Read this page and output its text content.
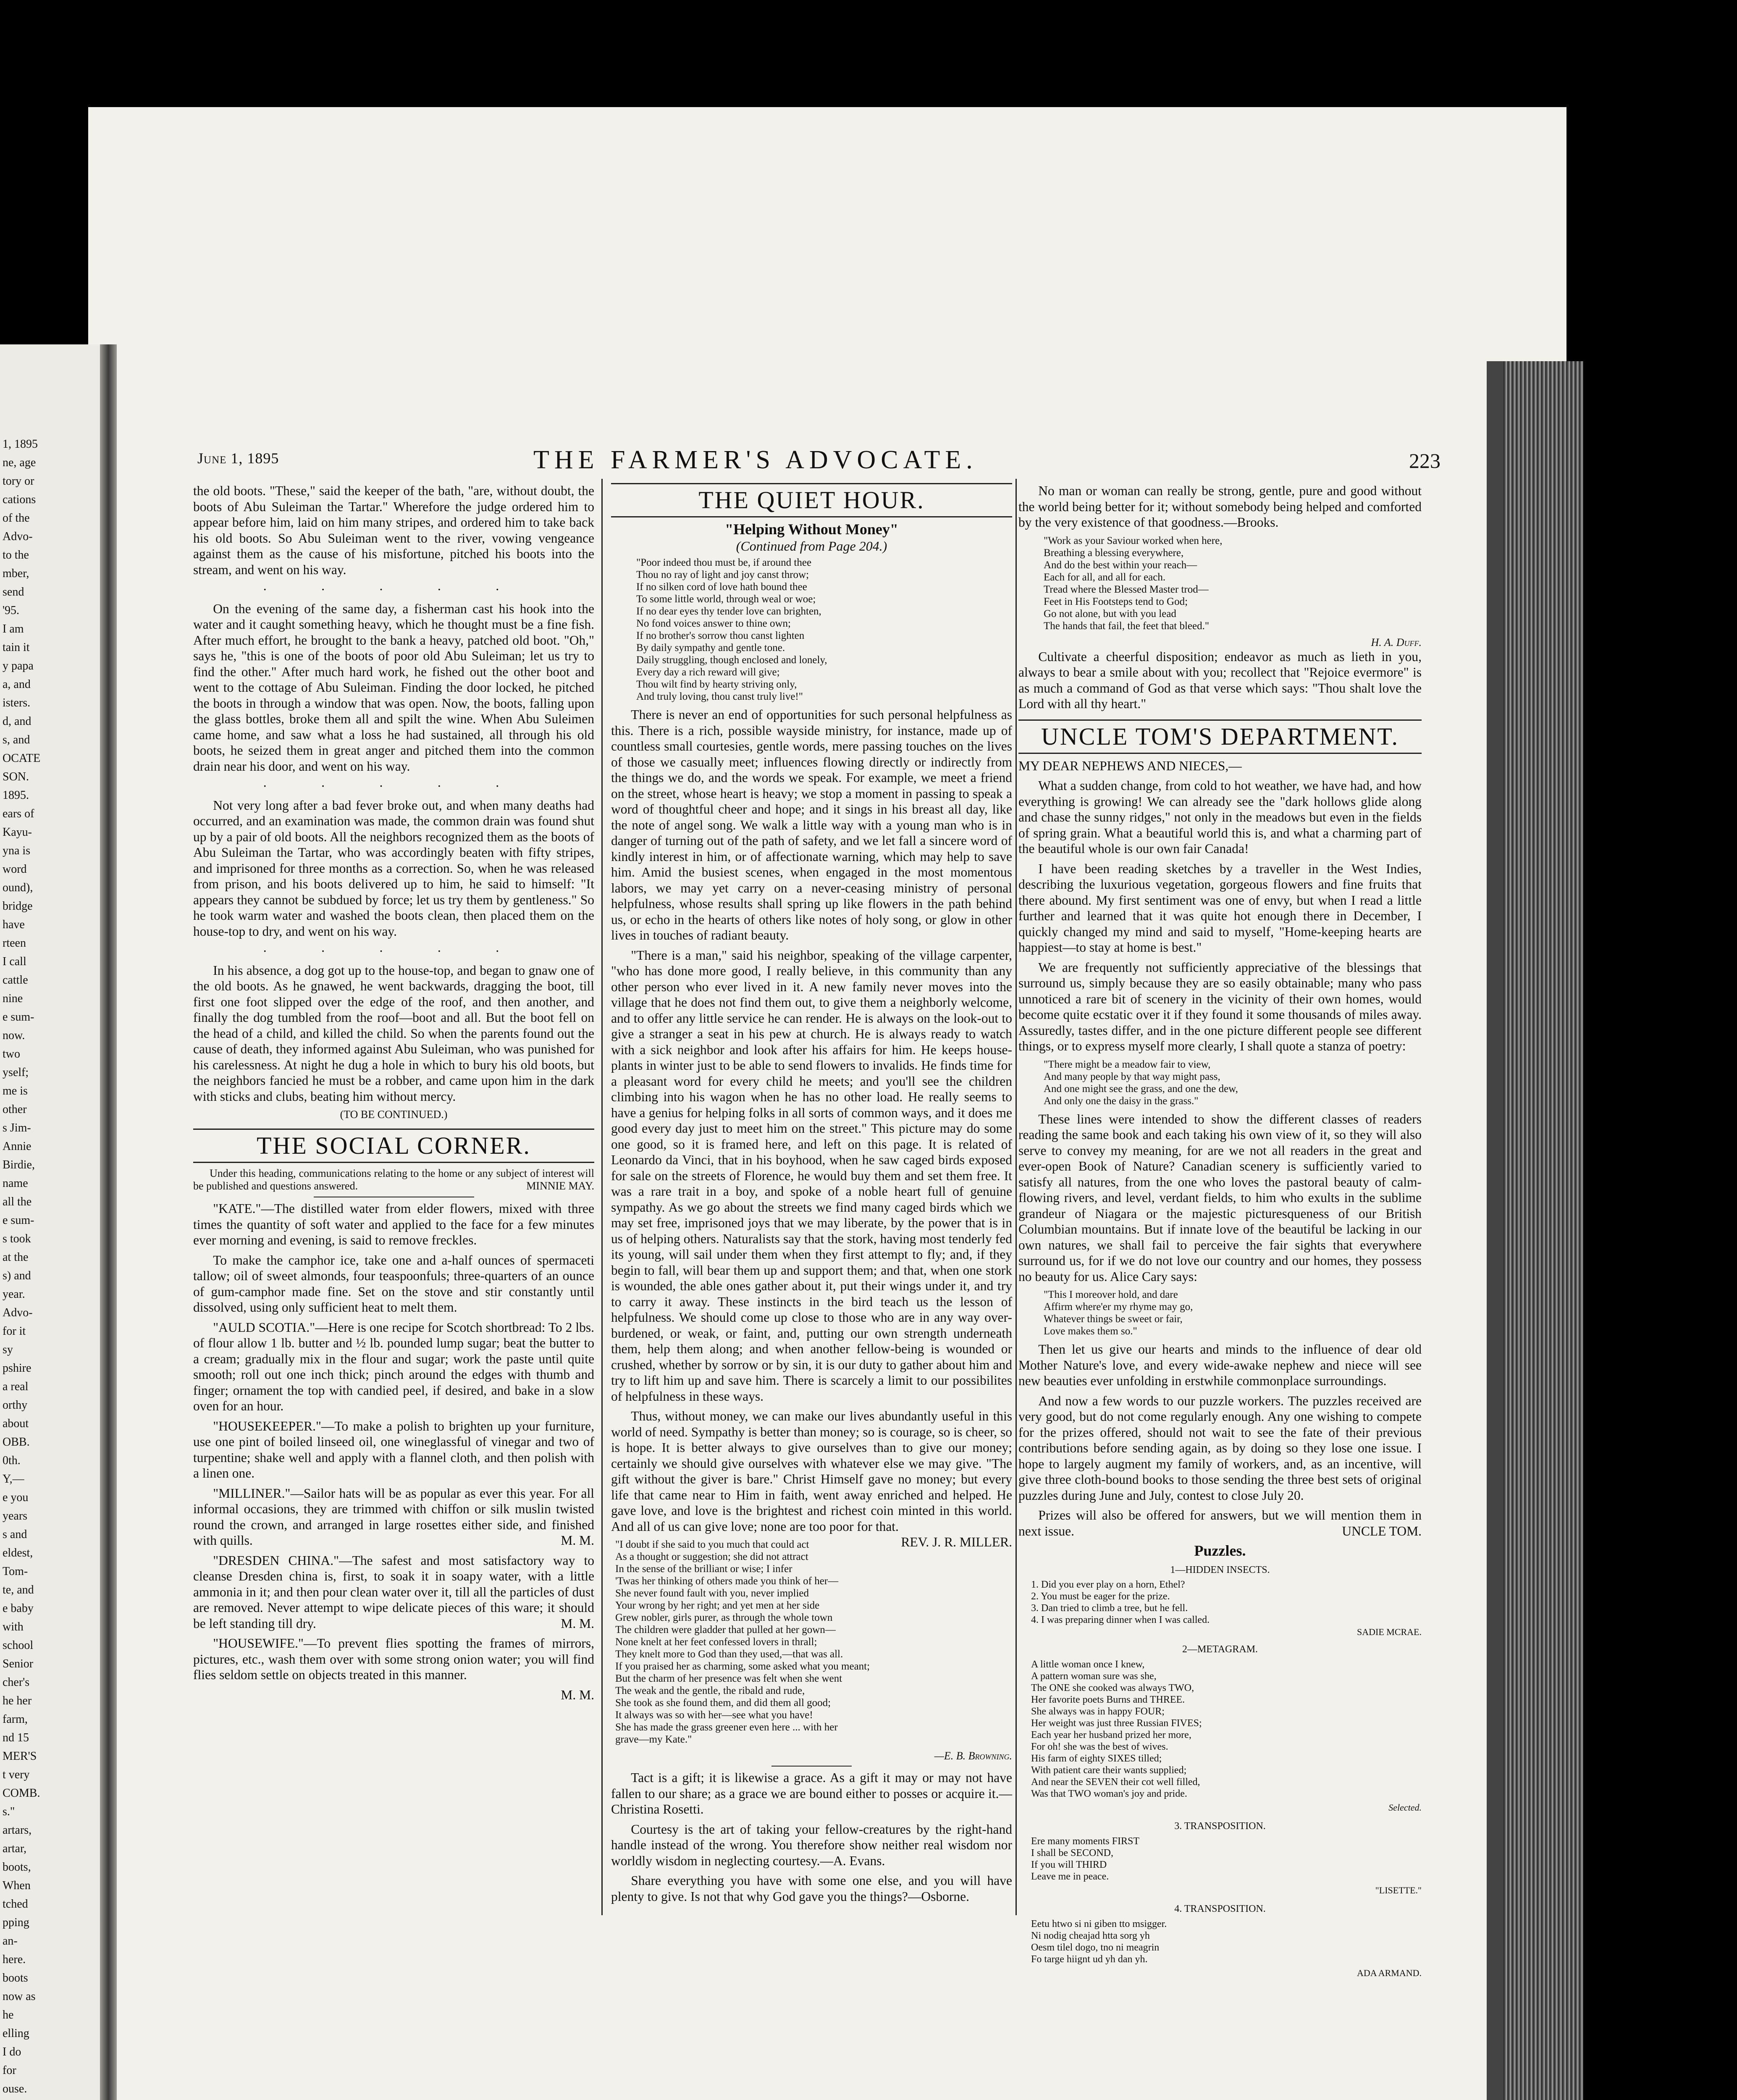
1, 1895
ne, age
tory or
cations
of the
Advo-
to the
mber,
send
'95.
I am
tain it
y papa
a, and
isters.
d, and
s, and
OCATE
SON.
1895.
ears of
Kayu-
yna is
word
ound),
bridge
have
rteen
I call
cattle
nine
e sum-
now.
two
yself;
me is
other
s Jim-
Annie
Birdie,
name
all the
e sum-
s took
at the
s) and
year.
Advo-
for it
sy
pshire
a real
orthy
about
OBB.
0th.
Y,—
e you
years
s and
eldest,
Tom-
te, and
e baby
with
school
Senior
cher's
he her
farm,
nd 15
MER'S
t very
COMB.
s."
artars,
artar,
boots,
When
tched
pping
an-
here.
boots
now as
he
elling
I do
for
ouse.
June 1, 1895	THE FARMER'S ADVOCATE.	223

the old boots. "These," said the keeper of the bath, "are, without doubt, the boots of Abu Suleiman the Tartar." Wherefore the judge ordered him to appear before him, laid on him many stripes, and ordered him to take back his old boots. So Abu Suleiman went to the river, vowing vengeance against them as the cause of his misfortune, pitched his boots into the stream, and went on his way.

· · · · ·

On the evening of the same day, a fisherman cast his hook into the water and it caught something heavy, which he thought must be a fine fish. After much effort, he brought to the bank a heavy, patched old boot. "Oh," says he, "this is one of the boots of poor old Abu Suleiman; let us try to find the other." After much hard work, he fished out the other boot and went to the cottage of Abu Suleiman. Finding the door locked, he pitched the boots in through a window that was open. Now, the boots, falling upon the glass bottles, broke them all and spilt the wine. When Abu Suleimen came home, and saw what a loss he had sustained, all through his old boots, he seized them in great anger and pitched them into the common drain near his door, and went on his way.

· · · · ·

Not very long after a bad fever broke out, and when many deaths had occurred, and an examination was made, the common drain was found shut up by a pair of old boots. All the neighbors recognized them as the boots of Abu Suleiman the Tartar, who was accordingly beaten with fifty stripes, and imprisoned for three months as a correction. So, when he was released from prison, and his boots delivered up to him, he said to himself: "It appears they cannot be subdued by force; let us try them by gentleness." So he took warm water and washed the boots clean, then placed them on the house-top to dry, and went on his way.

· · · · ·

In his absence, a dog got up to the house-top, and began to gnaw one of the old boots. As he gnawed, he went backwards, dragging the boot, till first one foot slipped over the edge of the roof, and then another, and finally the dog tumbled from the roof—boot and all. But the boot fell on the head of a child, and killed the child. So when the parents found out the cause of death, they informed against Abu Suleiman, who was punished for his carelessness. At night he dug a hole in which to bury his old boots, but the neighbors fancied he must be a robber, and came upon him in the dark with sticks and clubs, beating him without mercy.

(TO BE CONTINUED.)
THE SOCIAL CORNER.

Under this heading, communications relating to the home or any subject of interest will be published and questions answered.	MINNIE MAY.

"KATE."—The distilled water from elder flowers, mixed with three times the quantity of soft water and applied to the face for a few minutes ever morning and evening, is said to remove freckles.

To make the camphor ice, take one and a-half ounces of spermaceti tallow; oil of sweet almonds, four teaspoonfuls; three-quarters of an ounce of gum-camphor made fine. Set on the stove and stir constantly until dissolved, using only sufficient heat to melt them.

"AULD SCOTIA."—Here is one recipe for Scotch shortbread: To 2 lbs. of flour allow 1 lb. butter and ½ lb. pounded lump sugar; beat the butter to a cream; gradually mix in the flour and sugar; work the paste until quite smooth; roll out one inch thick; pinch around the edges with thumb and finger; ornament the top with candied peel, if desired, and bake in a slow oven for an hour.

"HOUSEKEEPER."—To make a polish to brighten up your furniture, use one pint of boiled linseed oil, one wineglassful of vinegar and two of turpentine; shake well and apply with a flannel cloth, and then polish with a linen one.

"MILLINER."—Sailor hats will be as popular as ever this year. For all informal occasions, they are trimmed with chiffon or silk muslin twisted round the crown, and arranged in large rosettes either side, and finished with quills.	M. M.

"DRESDEN CHINA."—The safest and most satisfactory way to cleanse Dresden china is, first, to soak it in soapy water, with a little ammonia in it; and then pour clean water over it, till all the particles of dust are removed. Never attempt to wipe delicate pieces of this ware; it should be left standing till dry.	M. M.

"HOUSEWIFE."—To prevent flies spotting the frames of mirrors, pictures, etc., wash them over with some strong onion water; you will find flies seldom settle on objects treated in this manner.

M. M.
THE QUIET HOUR.
"Helping Without Money"
(Continued from Page 204.)
"Poor indeed thou must be, if around thee
Thou no ray of light and joy canst throw;
If no silken cord of love hath bound thee
To some little world, through weal or woe;
If no dear eyes thy tender love can brighten,
No fond voices answer to thine own;
If no brother's sorrow thou canst lighten
By daily sympathy and gentle tone.
Daily struggling, though enclosed and lonely,
Every day a rich reward will give;
Thou wilt find by hearty striving only,
And truly loving, thou canst truly live!"

There is never an end of opportunities for such personal helpfulness as this. There is a rich, possible wayside ministry, for instance, made up of countless small courtesies, gentle words, mere passing touches on the lives of those we casually meet; influences flowing directly or indirectly from the things we do, and the words we speak. For example, we meet a friend on the street, whose heart is heavy; we stop a moment in passing to speak a word of thoughtful cheer and hope; and it sings in his breast all day, like the note of angel song. We walk a little way with a young man who is in danger of turning out of the path of safety, and we let fall a sincere word of kindly interest in him, or of affectionate warning, which may help to save him. Amid the busiest scenes, when engaged in the most momentous labors, we may yet carry on a never-ceasing ministry of personal helpfulness, whose results shall spring up like flowers in the path behind us, or echo in the hearts of others like notes of holy song, or glow in other lives in touches of radiant beauty.

"There is a man," said his neighbor, speaking of the village carpenter, "who has done more good, I really believe, in this community than any other person who ever lived in it. A new family never moves into the village that he does not find them out, to give them a neighborly welcome, and to offer any little service he can render. He is always on the look-out to give a stranger a seat in his pew at church. He is always ready to watch with a sick neighbor and look after his affairs for him. He keeps house-plants in winter just to be able to send flowers to invalids. He finds time for a pleasant word for every child he meets; and you'll see the children climbing into his wagon when he has no other load. He really seems to have a genius for helping folks in all sorts of common ways, and it does me good every day just to meet him on the street." This picture may do some one good, so it is framed here, and left on this page. It is related of Leonardo da Vinci, that in his boyhood, when he saw caged birds exposed for sale on the streets of Florence, he would buy them and set them free. It was a rare trait in a boy, and spoke of a noble heart full of genuine sympathy. As we go about the streets we find many caged birds which we may set free, imprisoned joys that we may liberate, by the power that is in us of helping others. Naturalists say that the stork, having most tenderly fed its young, will sail under them when they first attempt to fly; and, if they begin to fall, will bear them up and support them; and that, when one stork is wounded, the able ones gather about it, put their wings under it, and try to carry it away. These instincts in the bird teach us the lesson of helpfulness. We should come up close to those who are in any way over-burdened, or weak, or faint, and, putting our own strength underneath them, help them along; and when another fellow-being is wounded or crushed, whether by sorrow or by sin, it is our duty to gather about him and try to lift him up and save him. There is scarcely a limit to our possibilites of helpfulness in these ways.

Thus, without money, we can make our lives abundantly useful in this world of need. Sympathy is better than money; so is courage, so is cheer, so is hope. It is better always to give ourselves than to give our money; certainly we should give ourselves with whatever else we may give. "The gift without the giver is bare." Christ Himself gave no money; but every life that came near to Him in faith, went away enriched and helped. He gave love, and love is the brightest and richest coin minted in this world. And all of us can give love; none are too poor for that.
REV. J. R. MILLER.

"I doubt if she said to you much that could act
As a thought or suggestion; she did not attract
In the sense of the brilliant or wise; I infer
'Twas her thinking of others made you think of her—
She never found fault with you, never implied
Your wrong by her right; and yet men at her side
Grew nobler, girls purer, as through the whole town
The children were gladder that pulled at her gown—
None knelt at her feet confessed lovers in thrall;
They knelt more to God than they used,—that was all.
If you praised her as charming, some asked what you meant;
But the charm of her presence was felt when she went
The weak and the gentle, the ribald and rude,
She took as she found them, and did them all good;
It always was so with her—see what you have!
She has made the grass greener even here ... with her
grave—my Kate."
—E. B. Browning.

Tact is a gift; it is likewise a grace. As a gift it may or may not have fallen to our share; as a grace we are bound either to posses or acquire it.—Christina Rosetti.

Courtesy is the art of taking your fellow-creatures by the right-hand handle instead of the wrong. You therefore show neither real wisdom nor worldly wisdom in neglecting courtesy.—A. Evans.

Share everything you have with some one else, and you will have plenty to give. Is not that why God gave you the things?—Osborne.

No man or woman can really be strong, gentle, pure and good without the world being better for it; without somebody being helped and comforted by the very existence of that goodness.—Brooks.

"Work as your Saviour worked when here,
Breathing a blessing everywhere,
And do the best within your reach—
Each for all, and all for each.
Tread where the Blessed Master trod—
Feet in His Footsteps tend to God;
Go not alone, but with you lead
The hands that fail, the feet that bleed."
H. A. Duff.

Cultivate a cheerful disposition; endeavor as much as lieth in you, always to bear a smile about with you; recollect that "Rejoice evermore" is as much a command of God as that verse which says: "Thou shalt love the Lord with all thy heart."

UNCLE TOM'S DEPARTMENT.

MY DEAR NEPHEWS AND NIECES,—

What a sudden change, from cold to hot weather, we have had, and how everything is growing! We can already see the "dark hollows glide along and chase the sunny ridges," not only in the meadows but even in the fields of spring grain. What a beautiful world this is, and what a charming part of the beautiful whole is our own fair Canada!

I have been reading sketches by a traveller in the West Indies, describing the luxurious vegetation, gorgeous flowers and fine fruits that there abound. My first sentiment was one of envy, but when I read a little further and learned that it was quite hot enough there in December, I quickly changed my mind and said to myself, "Home-keeping hearts are happiest—to stay at home is best."

We are frequently not sufficiently appreciative of the blessings that surround us, simply because they are so easily obtainable; many who pass unnoticed a rare bit of scenery in the vicinity of their own homes, would become quite ecstatic over it if they found it some thousands of miles away. Assuredly, tastes differ, and in the one picture different people see different things, or to express myself more clearly, I shall quote a stanza of poetry:

"There might be a meadow fair to view,
And many people by that way might pass,
And one might see the grass, and one the dew,
And only one the daisy in the grass."

These lines were intended to show the different classes of readers reading the same book and each taking his own view of it, so they will also serve to convey my meaning, for are we not all readers in the great and ever-open Book of Nature? Canadian scenery is sufficiently varied to satisfy all natures, from the one who loves the pastoral beauty of calm-flowing rivers, and level, verdant fields, to him who exults in the sublime grandeur of Niagara or the majestic picturesqueness of our British Columbian mountains. But if innate love of the beautiful be lacking in our own natures, we shall fail to perceive the fair sights that everywhere surround us, for if we do not love our country and our homes, they possess no beauty for us. Alice Cary says:

"This I moreover hold, and dare
Affirm where'er my rhyme may go,
Whatever things be sweet or fair,
Love makes them so."

Then let us give our hearts and minds to the influence of dear old Mother Nature's love, and every wide-awake nephew and niece will see new beauties ever unfolding in erstwhile commonplace surroundings.

And now a few words to our puzzle workers. The puzzles received are very good, but do not come regularly enough. Any one wishing to compete for the prizes offered, should not wait to see the fate of their previous contributions before sending again, as by doing so they lose one issue. I hope to largely augment my family of workers, and, as an incentive, will give three cloth-bound books to those sending the three best sets of original puzzles during June and July, contest to close July 20.

Prizes will also be offered for answers, but we will mention them in next issue.	UNCLE TOM.

Puzzles.
1—HIDDEN INSECTS.
1. Did you ever play on a horn, Ethel?
2. You must be eager for the prize.
3. Dan tried to climb a tree, but he fell.
4. I was preparing dinner when I was called.
SADIE MCRAE.
2—METAGRAM.
A little woman once I knew,
A pattern woman sure was she,
The ONE she cooked was always TWO,
Her favorite poets Burns and THREE.
She always was in happy FOUR;
Her weight was just three Russian FIVES;
Each year her husband prized her more,
For oh! she was the best of wives.
His farm of eighty SIXES tilled;
With patient care their wants supplied;
And near the SEVEN their cot well filled,
Was that TWO woman's joy and pride.
Selected.
3. TRANSPOSITION.
Ere many moments FIRST
I shall be SECOND,
If you will THIRD
Leave me in peace.
"LISETTE."
4. TRANSPOSITION.
Eetu htwo si ni giben tto msigger.
Ni nodig cheajad htta sorg yh
Oesm tilel dogo, tno ni meagrin
Fo targe hiignt ud yh dan yh.
ADA ARMAND.
